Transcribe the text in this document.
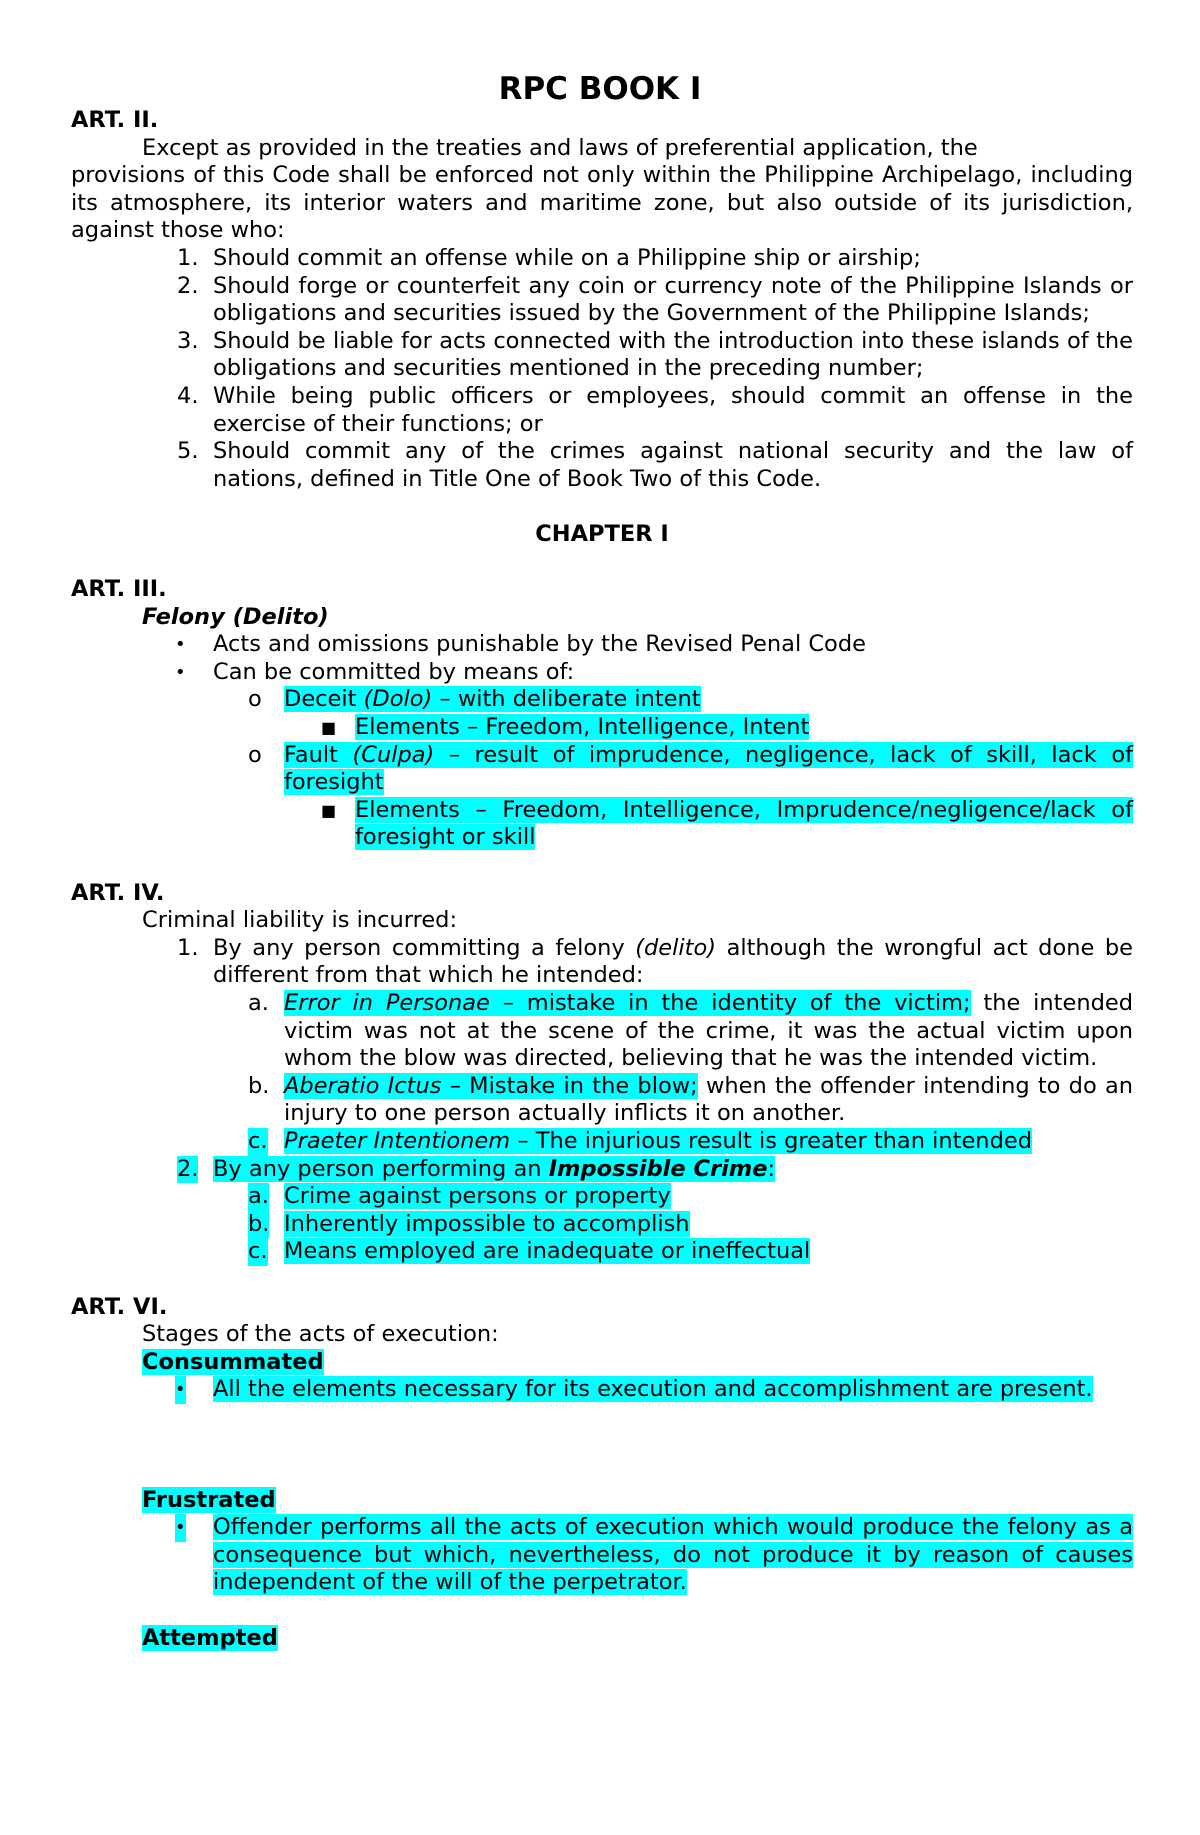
RPC BOOK I

ART. II.

Except as provided in the treaties and laws of preferential application, the

provisions of this Code shall be enforced not only within the Philippine Archipelago, including its atmosphere, its interior waters and maritime zone, but also outside of its jurisdiction, against those who:

1. Should commit an offense while on a Philippine ship or airship;
2. Should forge or counterfeit any coin or currency note of the Philippine Islands or obligations and securities issued by the Government of the Philippine Islands;
3. Should be liable for acts connected with the introduction into these islands of the obligations and securities mentioned in the preceding number;
4. While being public officers or employees, should commit an offense in the exercise of their functions; or
5. Should commit any of the crimes against national security and the law of nations, defined in Title One of Book Two of this Code.

CHAPTER I

ART. III.

Felony (Delito)

• Acts and omissions punishable by the Revised Penal Code
• Can be committed by means of:
o Deceit (Dolo) – with deliberate intent
■ Elements – Freedom, Intelligence, Intent
o Fault (Culpa) – result of imprudence, negligence, lack of skill, lack of foresight
■ Elements – Freedom, Intelligence, Imprudence/negligence/lack of foresight or skill

ART. IV.

Criminal liability is incurred:

1. By any person committing a felony (delito) although the wrongful act done be different from that which he intended:
a. Error in Personae – mistake in the identity of the victim; the intended victim was not at the scene of the crime, it was the actual victim upon whom the blow was directed, believing that he was the intended victim.
b. Aberatio Ictus – Mistake in the blow; when the offender intending to do an injury to one person actually inflicts it on another.
c. Praeter Intentionem – The injurious result is greater than intended
2. By any person performing an Impossible Crime:
a. Crime against persons or property
b. Inherently impossible to accomplish
c. Means employed are inadequate or ineffectual

ART. VI.

Stages of the acts of execution:

Consummated

• All the elements necessary for its execution and accomplishment are present.

Frustrated

• Offender performs all the acts of execution which would produce the felony as a consequence but which, nevertheless, do not produce it by reason of causes independent of the will of the perpetrator.

Attempted
